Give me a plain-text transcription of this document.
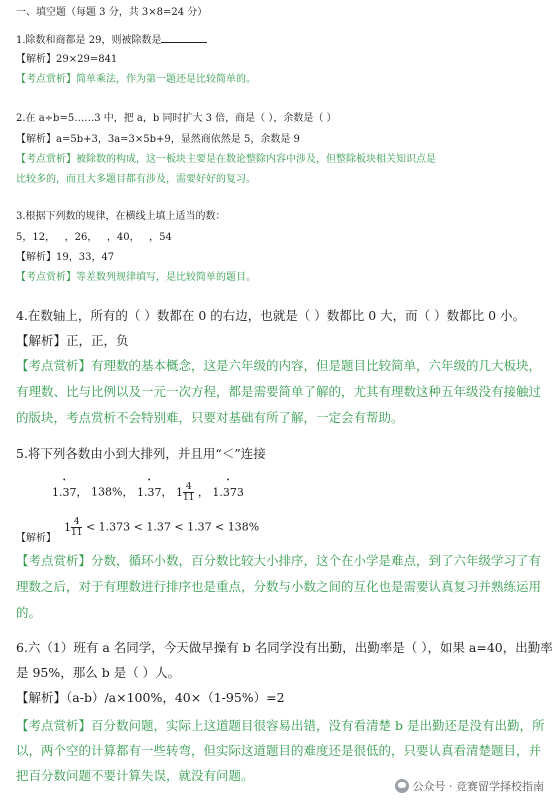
一、填空题（每题 3 分，共 3×8=24 分）
1.除数和商都是 29，则被除数是
【解析】29×29=841
【考点赏析】简单乘法，作为第一题还是比较简单的。
2.在 a÷b=5……3 中，把 a，b 同时扩大 3 倍，商是（ ），余数是（ ）
【解析】a=5b+3，3a=3×5b+9，显然商依然是 5，余数是 9
【考点赏析】被除数的构成，这一板块主要是在数论整除内容中涉及，但整除板块相关知识点是
比较多的，而且大多题目都有涉及，需要好好的复习。
3.根据下列数的规律，在横线上填上适当的数：
5，12，   ，26，   ，40，   ，54
【解析】19，33，47
【考点赏析】等差数列规律填写，是比较简单的题目。
4.在数轴上，所有的（ ）数都在 0 的右边，也就是（ ）数都比 0 大，而（ ）数都比 0 小。
【解析】正，正，负
【考点赏析】有理数的基本概念，这是六年级的内容，但是题目比较简单，六年级的几大板块，
有理数、比与比例以及一元一次方程，都是需要简单了解的，尤其有理数这种五年级没有接触过
的版块，考点赏析不会特别难，只要对基础有所了解，一定会有帮助。
5.将下列各数由小到大排列，并且用“＜”连接
• 1.37， 138%， • 1.37， $1 \frac{4}{11}$ ， • 1.373
$1 \frac{4}{11} < 1.373 < 1.37 < 1.37 < 138\%$
【解析】
【考点赏析】分数，循环小数，百分数比较大小排序，这个在小学是难点，到了六年级学习了有
理数之后，对于有理数进行排序也是重点，分数与小数之间的互化也是需要认真复习并熟练运用
的。
6.六（1）班有 a 名同学，今天做早操有 b 名同学没有出勤，出勤率是（ ），如果 a=40，出勤率
是 95%，那么 b 是（ ）人。
【解析】（a-b）/a×100%，40×（1-95%）=2
【考点赏析】百分数问题，实际上这道题目很容易出错，没有看清楚 b 是出勤还是没有出勤，所
以，两个空的计算都有一些转弯，但实际这道题目的难度还是很低的，只要认真看清楚题目，并
把百分数问题不要计算失误，就没有问题。
公众号 · 竞赛留学择校指南
